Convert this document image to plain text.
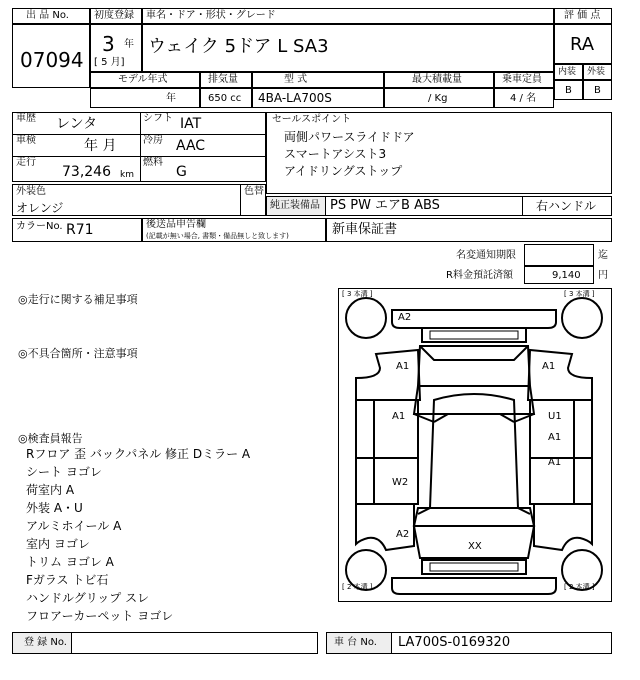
出 品 No.
07094
初度登録
3 年
[ 5 月]
車名・ドア・形状・グレード
ウェイク 5ドア L SA3
評 価 点
RA
内装 外装
B B
モデル年式
年
排気量
650 cc
型 式
4BA-LA700S
最大積載量
/ Kg
乗車定員
4 / 名
車歴 レンタ	シフト IAT
車検	年 月	冷房 AAC
走行
73,246 km
燃料
G
セールスポイント
両側パワースライドドア
スマートアシスト3
アイドリングストップ
外装色
オレンジ
色替
純正装備品 PS PW エアB ABS	右ハンドル
カラーNo. R71	後送品申告欄
(記載が無い場合, 書類・備品無しと致します)	新車保証書
名変通知期限	迄
R料金預託済額	9,140 円
◎走行に関する補足事項
◎不具合箇所・注意事項
◎検査員報告
Rフロア 歪 バックパネル 修正 Dミラー A
シート ヨゴレ
荷室内 A
外装 A・U
アルミホイール A
室内 ヨゴレ
トリム ヨゴレ A
Fガラス トビ石
ハンドルグリップ スレ
フロアーカーペット ヨゴレ
[ 3 本溝 ]	[ 3 本溝 ]
[ 2 本溝 ]	[ 2 本溝 ]
A2
A1	A1
A1	U1
A1
A1
W2
A2
XX
登 録 No.	車 台 No. LA700S-0169320
